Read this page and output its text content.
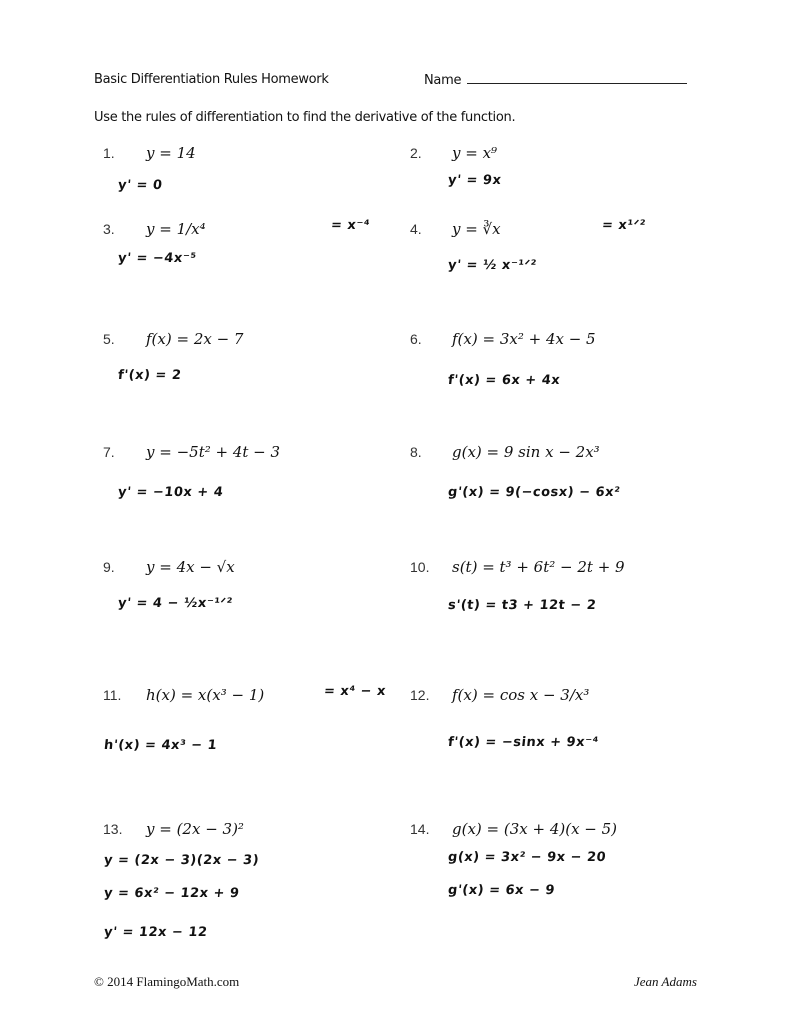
Basic Differentiation Rules Homework	Name
Use the rules of differentiation to find the derivative of the function.
1. y = 14
y' = 0
2. y = x⁹
y' = 9x
3. y = 1/x⁴	= x⁻⁴
y' = −4x⁻⁵
4. y = ∛x	= x¹ᐟ²
y' = ½ x⁻¹ᐟ²
5. f(x) = 2x − 7
f'(x) = 2
6. f(x) = 3x² + 4x − 5
f'(x) = 6x + 4x
7. y = −5t² + 4t − 3
y' = −10x + 4
8. g(x) = 9 sin x − 2x³
g'(x) = 9(−cosx) − 6x²
9. y = 4x − √x
y' = 4 − ½x⁻¹ᐟ²
10. s(t) = t³ + 6t² − 2t + 9
s'(t) = t3 + 12t − 2
11. h(x) = x(x³ − 1)	= x⁴ − x
h'(x) = 4x³ − 1
12. f(x) = cos x − 3/x³
f'(x) = −sinx + 9x⁻⁴
13. y = (2x − 3)²
y = (2x − 3)(2x − 3)
y = 6x² − 12x + 9
y' = 12x − 12
14. g(x) = (3x + 4)(x − 5)
g(x) = 3x² − 9x − 20
g'(x) = 6x − 9
© 2014 FlamingoMath.com	Jean Adams
